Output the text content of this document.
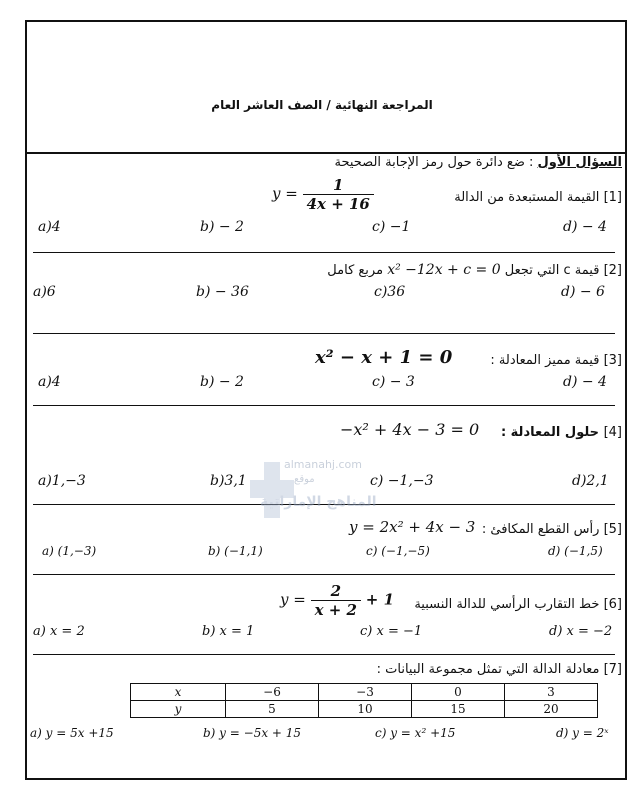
المراجعة النهائية / الصف العاشر العام
السؤال الأول : ضع دائرة حول رمز الإجابة الصحيحة
[1] القيمة المستبعدة من الدالة
$y = \frac{1}{4x + 16}$
a)4	b) − 2	c) −1	d) − 4
[2] قيمة c التي تجعل x² −12x + c = 0 مربع كامل
a)6	b) − 36	c)36	d) − 6
[3] قيمة مميز المعادلة :
x² − x + 1 = 0
a)4	b) − 2	c) − 3	d) − 4
[4] حلول المعادلة :
−x² + 4x − 3 = 0
a)1,−3	b)3,1	c) −1,−3	d)2,1
almanahj.com
موقع
المناهج الإماراتية
[5] رأس القطع المكافئ :
y = 2x² + 4x − 3
a) (1,−3)	b) (−1,1)	c) (−1,−5)	d) (−1,5)
[6] خط التقارب الرأسي للدالة النسبية
$y = \frac{2}{x + 2} + 1$
a) x = 2	b) x = 1	c) x = −1	d) x = −2
[7] معادلة الدالة التي تمثل مجموعة البيانات :
x	−6	−3	0	3
y	5	10	15	20
a) y = 5x +15	b) y = −5x + 15	c) y = x² +15	d) y = 2ˣ
